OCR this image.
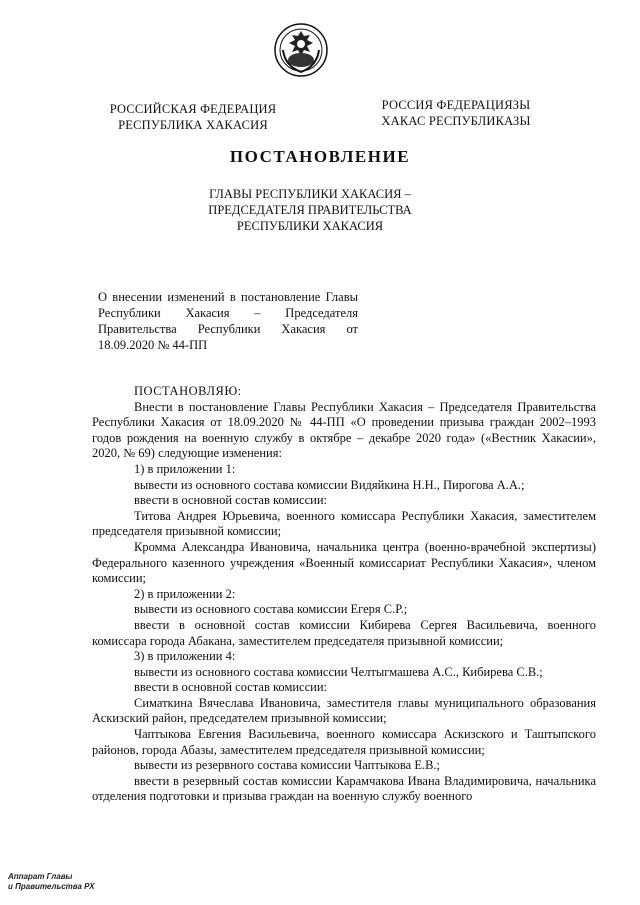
РОССИЙСКАЯ ФЕДЕРАЦИЯ
РЕСПУБЛИКА ХАКАСИЯ
РОССИЯ ФЕДЕРАЦИЯЗЫ
ХАКАС РЕСПУБЛИКАЗЫ
ПОСТАНОВЛЕНИЕ
ГЛАВЫ РЕСПУБЛИКИ ХАКАСИЯ –
ПРЕДСЕДАТЕЛЯ ПРАВИТЕЛЬСТВА
РЕСПУБЛИКИ ХАКАСИЯ
О внесении изменений в постановление Главы Республики Хакасия – Председателя Правительства Республики Хакасия от 18.09.2020 № 44-ПП

ПОСТАНОВЛЯЮ:

Внести в постановление Главы Республики Хакасия – Председателя Правительства Республики Хакасия от 18.09.2020 № 44-ПП «О проведении призыва граждан 2002–1993 годов рождения на военную службу в октябре – декабре 2020 года» («Вестник Хакасии», 2020, № 69) следующие изменения:

1) в приложении 1:

вывести из основного состава комиссии Видяйкина Н.Н., Пирогова А.А.;

ввести в основной состав комиссии:

Титова Андрея Юрьевича, военного комиссара Республики Хакасия, заместителем председателя призывной комиссии;

Кромма Александра Ивановича, начальника центра (военно-врачебной экспертизы) Федерального казенного учреждения «Военный комиссариат Республики Хакасия», членом комиссии;

2) в приложении 2:

вывести из основного состава комиссии Егеря С.Р.;

ввести в основной состав комиссии Кибирева Сергея Васильевича, военного комиссара города Абакана, заместителем председателя призывной комиссии;

3) в приложении 4:

вывести из основного состава комиссии Челтыгмашева А.С., Кибирева С.В.;

ввести в основной состав комиссии:

Симаткина Вячеслава Ивановича, заместителя главы муниципального образования Аскизский район, председателем призывной комиссии;

Чаптыкова Евгения Васильевича, военного комиссара Аскизского и Таштыпского районов, города Абазы, заместителем председателя призывной комиссии;

вывести из резервного состава комиссии Чаптыкова Е.В.;

ввести в резервный состав комиссии Карамчакова Ивана Владимировича, начальника отделения подготовки и призыва граждан на военную службу военного

Аппарат Главы
и Правительства РХ
